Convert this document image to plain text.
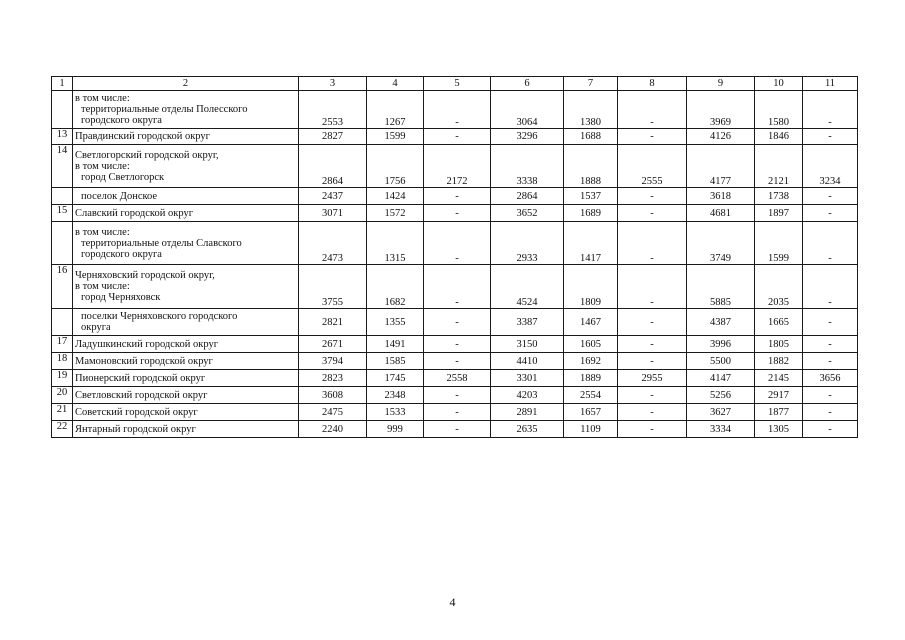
1	2	3	4	5	6	7	8	9	10	11

	в том числе:
территориальные отделы Полесского
городского округа	2553	1267	-	3064	1380	-	3969	1580	-
13	Правдинский городской округ	2827	1599	-	3296	1688	-	4126	1846	-
14	Светлогорский городской округ,
в том числе:
город Светлогорск	2864	1756	2172	3338	1888	2555	4177	2121	3234

	поселок Донское	2437	1424	-	2864	1537	-	3618	1738	-
15	Славский городской округ	3071	1572	-	3652	1689	-	4681	1897	-

	в том числе:
территориальные отделы Славского
городского округа	2473	1315	-	2933	1417	-	3749	1599	-
16	Черняховский городской округ,
в том числе:
город Черняховск	3755	1682	-	4524	1809	-	5885	2035	-

	поселки Черняховского городского
округа	2821	1355	-	3387	1467	-	4387	1665	-
17	Ладушкинский городской округ	2671	1491	-	3150	1605	-	3996	1805	-
18	Мамоновский городской округ	3794	1585	-	4410	1692	-	5500	1882	-
19	Пионерский городской округ	2823	1745	2558	3301	1889	2955	4147	2145	3656
20	Светловский городской округ	3608	2348	-	4203	2554	-	5256	2917	-
21	Советский городской округ	2475	1533	-	2891	1657	-	3627	1877	-
22	Янтарный городской округ	2240	999	-	2635	1109	-	3334	1305	-
4
